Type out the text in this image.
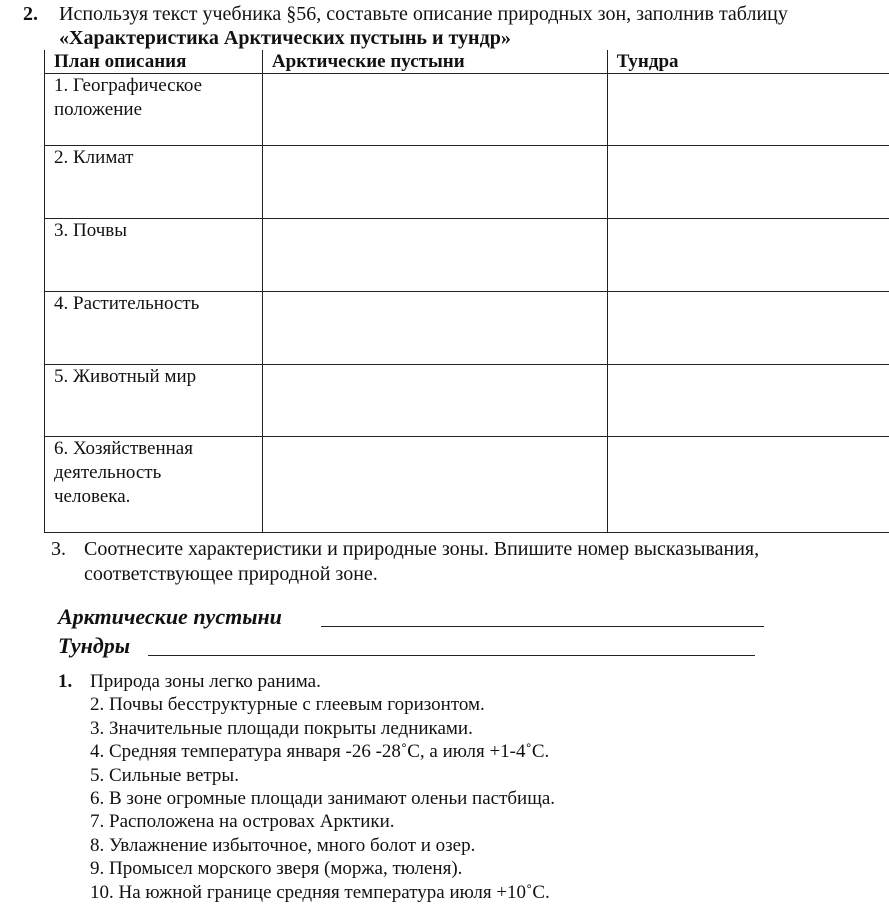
2. Используя текст учебника §56, составьте описание природных зон, заполнив таблицу
«Характеристика Арктических пустынь и тундр»
План описания	Арктические пустыни	Тундра

1. Географическое
положение		

2. Климат		

3. Почвы		

4. Растительность		

5. Животный мир		

6. Хозяйственная
деятельность
человека.		

3. Соотнесите характеристики и природные зоны. Впишите номер высказывания,
соответствующее природной зоне.
Арктические пустыни
Тундры
1. Природа зоны легко ранима.
2. Почвы бесструктурные с глеевым горизонтом.
3. Значительные площади покрыты ледниками.
4. Средняя температура января -26 -28˚С, а июля +1-4˚С.
5. Сильные ветры.
6. В зоне огромные площади занимают оленьи пастбища.
7. Расположена на островах Арктики.
8. Увлажнение избыточное, много болот и озер.
9. Промысел морского зверя (моржа, тюленя).
10. На южной границе средняя температура июля +10˚С.
